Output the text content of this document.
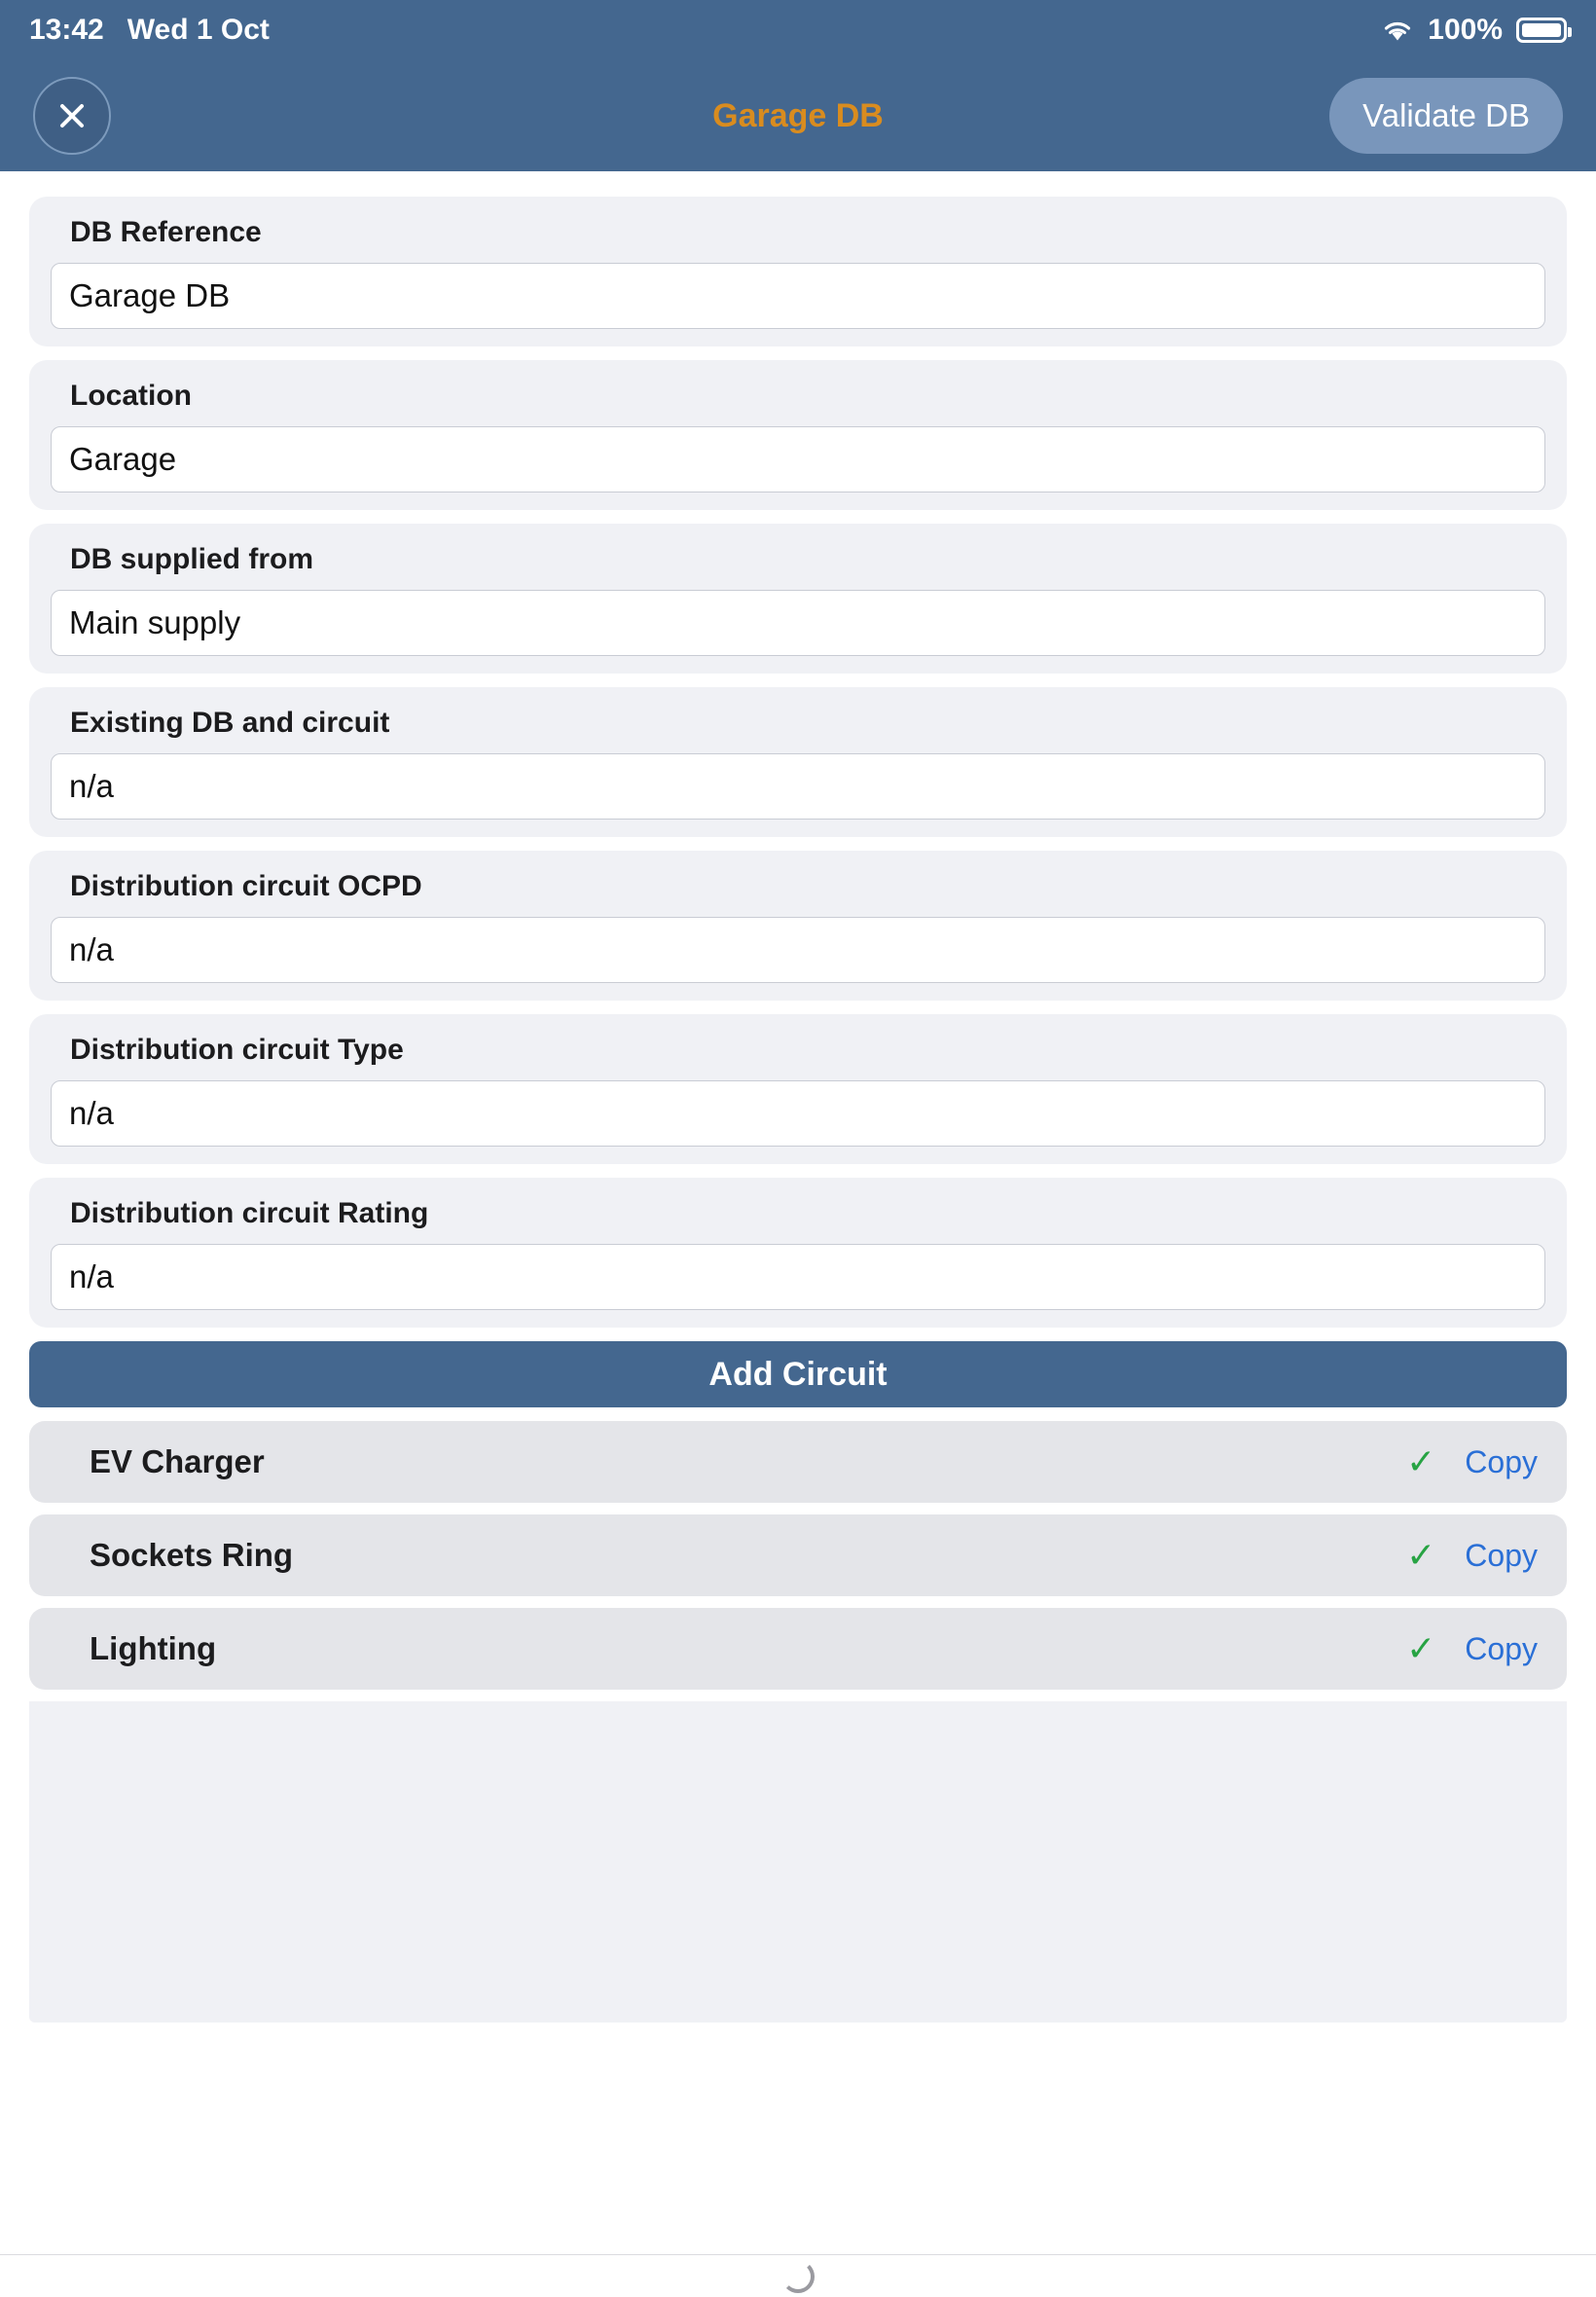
13:42 Wed 1 Oct	100%
Garage DB	Validate DB
DB Reference
Garage DB
Location
Garage
DB supplied from
Main supply
Existing DB and circuit
n/a
Distribution circuit OCPD
n/a
Distribution circuit Type
n/a
Distribution circuit Rating
n/a
Add Circuit
EV Charger	✓ Copy
Sockets Ring	✓ Copy
Lighting	✓ Copy
